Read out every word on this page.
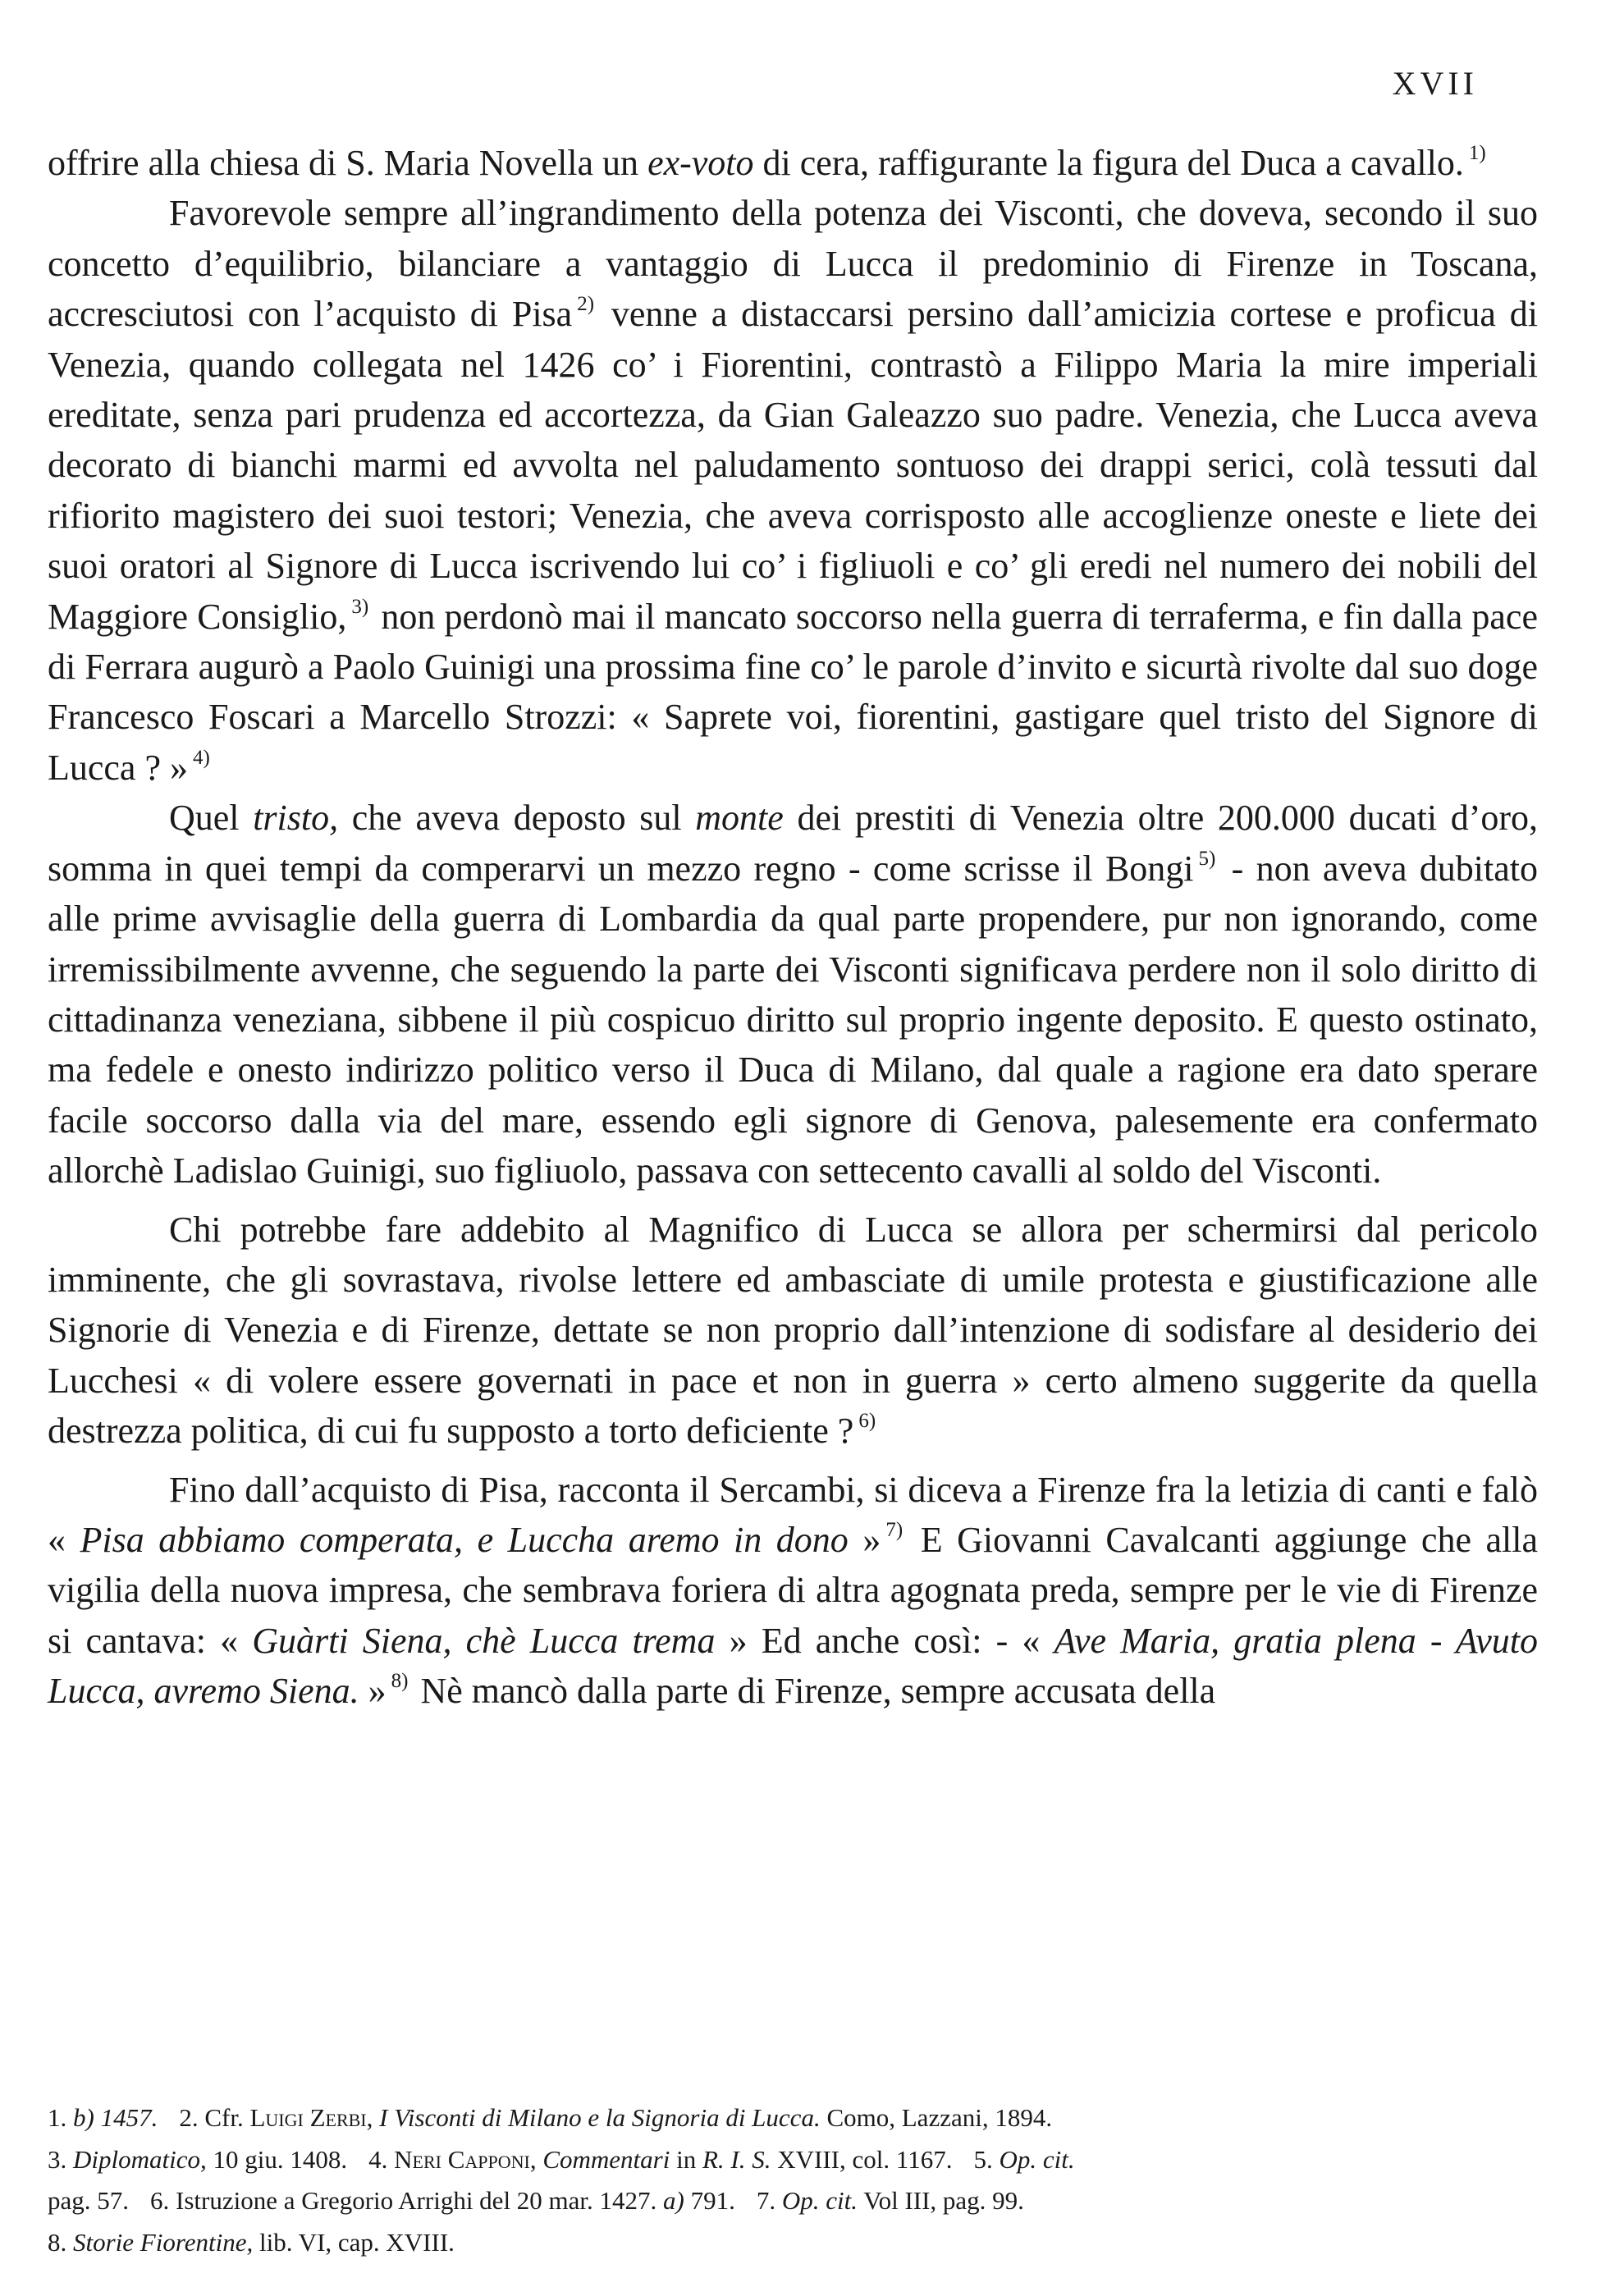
XVII

offrire alla chiesa di S. Maria Novella un ex-voto di cera, raffigurante la figura del Duca a cavallo. $^{1)}$

Favorevole sempre all’ingrandimento della potenza dei Visconti, che doveva, secondo il suo concetto d’equilibrio, bilanciare a vantaggio di Lucca il predominio di Firenze in Toscana, accresciutosi con l’acquisto di Pisa $^{2)}$ venne a distaccarsi persino dall’amicizia cortese e proficua di Venezia, quando collegata nel 1426 co’ i Fiorentini, contrastò a Filippo Maria la mire imperiali ereditate, senza pari prudenza ed accortezza, da Gian Galeazzo suo padre. Venezia, che Lucca aveva decorato di bianchi marmi ed avvolta nel paludamento sontuoso dei drappi serici, colà tessuti dal rifiorito magistero dei suoi testori; Venezia, che aveva corrisposto alle accoglienze oneste e liete dei suoi oratori al Signore di Lucca iscrivendo lui co’ i figliuoli e co’ gli eredi nel numero dei nobili del Maggiore Consiglio, $^{3)}$ non perdonò mai il mancato soccorso nella guerra di terraferma, e fin dalla pace di Ferrara augurò a Paolo Guinigi una prossima fine co’ le parole d’invito e sicurtà rivolte dal suo doge Francesco Foscari a Marcello Strozzi: « Saprete voi, fiorentini, gastigare quel tristo del Signore di Lucca ? » $^{4)}$

Quel tristo, che aveva deposto sul monte dei prestiti di Venezia oltre 200.000 ducati d’oro, somma in quei tempi da comperarvi un mezzo regno - come scrisse il Bongi $^{5)}$ - non aveva dubitato alle prime avvisaglie della guerra di Lombardia da qual parte propendere, pur non ignorando, come irremissibilmente avvenne, che seguendo la parte dei Visconti significava perdere non il solo diritto di cittadinanza veneziana, sibbene il più cospicuo diritto sul proprio ingente deposito. E questo ostinato, ma fedele e onesto indirizzo politico verso il Duca di Milano, dal quale a ragione era dato sperare facile soccorso dalla via del mare, essendo egli signore di Genova, palesemente era confermato allorchè Ladislao Guinigi, suo figliuolo, passava con settecento cavalli al soldo del Visconti.

Chi potrebbe fare addebito al Magnifico di Lucca se allora per schermirsi dal pericolo imminente, che gli sovrastava, rivolse lettere ed ambasciate di umile protesta e giustificazione alle Signorie di Venezia e di Firenze, dettate se non proprio dall’intenzione di sodisfare al desiderio dei Lucchesi « di volere essere governati in pace et non in guerra » certo almeno suggerite da quella destrezza politica, di cui fu supposto a torto deficiente ? $^{6)}$

Fino dall’acquisto di Pisa, racconta il Sercambi, si diceva a Firenze fra la letizia di canti e falò « Pisa abbiamo comperata, e Luccha aremo in dono » $^{7)}$ E Giovanni Cavalcanti aggiunge che alla vigilia della nuova impresa, che sembrava foriera di altra agognata preda, sempre per le vie di Firenze si cantava: « Guàrti Siena, chè Lucca trema » Ed anche così: - « Ave Maria, gratia plena - Avuto Lucca, avremo Siena. » $^{8)}$ Nè mancò dalla parte di Firenze, sempre accusata della

1. b) 1457. 2. Cfr. Luigi Zerbi, I Visconti di Milano e la Signoria di Lucca. Como, Lazzani, 1894.

3. Diplomatico, 10 giu. 1408. 4. Neri Capponi, Commentari in R. I. S. XVIII, col. 1167. 5. Op. cit.

pag. 57. 6. Istruzione a Gregorio Arrighi del 20 mar. 1427. a) 791. 7. Op. cit. Vol III, pag. 99.

8. Storie Fiorentine, lib. VI, cap. XVIII.
